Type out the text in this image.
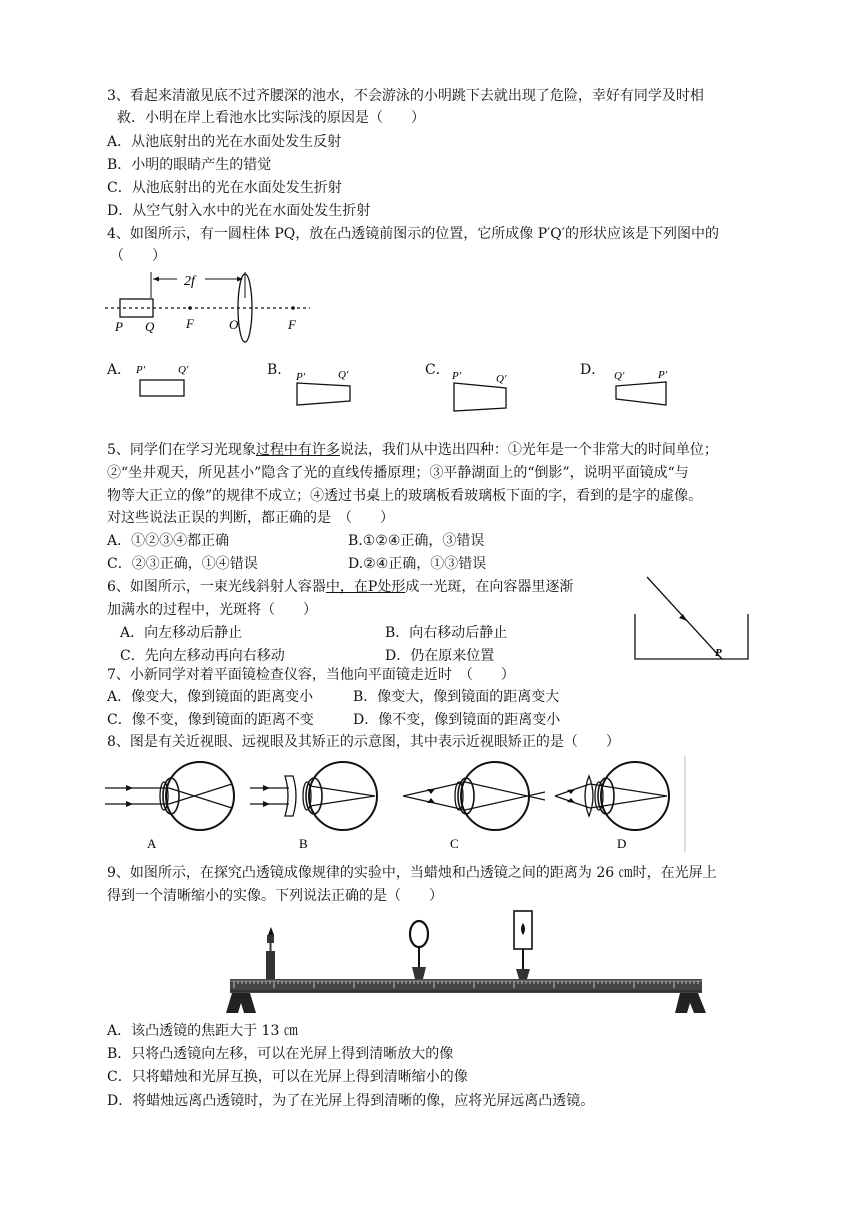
3、看起来清澈见底不过齐腰深的池水，不会游泳的小明跳下去就出现了危险，幸好有同学及时相
救．小明在岸上看池水比实际浅的原因是（　　）
A．从池底射出的光在水面处发生反射
B．小明的眼睛产生的错觉
C．从池底射出的光在水面处发生折射
D．从空气射入水中的光在水面处发生折射
4、如图所示，有一圆柱体 PQ，放在凸透镜前图示的位置，它所成像 P′Q′的形状应该是下列图中的
（　　）
2f
P Q F	O	F
A． P′	Q′	B． P′	Q′	C． P′	Q′
D． Q′	P′
5、同学们在学习光现象过程中有许多说法，我们从中选出四种：①光年是一个非常大的时间单位；
②“坐井观天，所见甚小”隐含了光的直线传播原理；③平静湖面上的“倒影”，说明平面镜成“与
物等大正立的像”的规律不成立；④透过书桌上的玻璃板看玻璃板下面的字，看到的是字的虚像。
对这些说法正误的判断，都正确的是　（　　）
A．①②③④都正确	B.①②④正确，③错误
C．②③正确，①④错误	D.②④正确，①③错误
6、如图所示，一束光线斜射人容器中，在P处形成一光斑，在向容器里逐渐
加满水的过程中，光斑将（　　）
A．向左移动后静止	B．向右移动后静止
C．先向左移动再向右移动	D．仍在原来位置	P
7、小新同学对着平面镜检查仪容，当他向平面镜走近时　（　　）
A．像变大，像到镜面的距离变小	B．像变大，像到镜面的距离变大
C．像不变，像到镜面的距离不变	D．像不变，像到镜面的距离变小
8、图是有关近视眼、远视眼及其矫正的示意图，其中表示近视眼矫正的是（　　）
A	B	C	D
9、如图所示，在探究凸透镜成像规律的实验中，当蜡烛和凸透镜之间的距离为 26 ㎝时，在光屏上
得到一个清晰缩小的实像。下列说法正确的是（　　）
A．该凸透镜的焦距大于 13 ㎝
B．只将凸透镜向左移，可以在光屏上得到清晰放大的像
C．只将蜡烛和光屏互换，可以在光屏上得到清晰缩小的像
D．将蜡烛远离凸透镜时，为了在光屏上得到清晰的像，应将光屏远离凸透镜。
